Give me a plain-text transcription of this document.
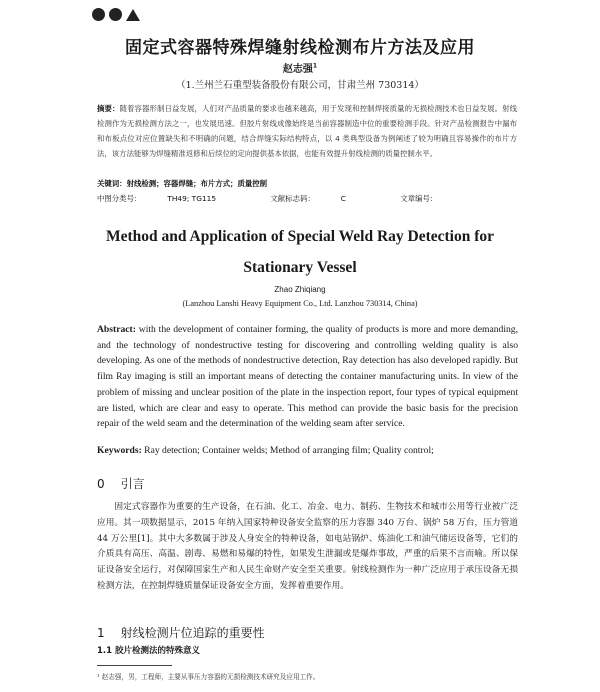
固定式容器特殊焊缝射线检测布片方法及应用
赵志强$^1$
（1.兰州兰石重型装备股份有限公司，甘肃兰州 730314）
摘要：随着容器形制日益发展，人们对产品质量的要求也越来越高，用于发现和控制焊接质量的无损检测技术也日益发展。射线检测作为无损检测方法之一，也发展迅速。但胶片射线成像始终是当前容器制造中位的重要检测手段。针对产品检测报告中漏布和布板点位对应位置缺失和不明确的问题，结合焊缝实际结构特点，以 4 类典型设备为例阐述了较为明确且容易操作的布片方法，该方法能够为焊缝精准返修和后续位的定向提供基本依据，也能有效提升射线检测的质量控制水平。
关键词：射线检测；容器焊缝；布片方式；质量控制
中图分类号：	TH49; TG115	文献标志码：	C	文章编号：
Method and Application of Special Weld Ray Detection for
Stationary Vessel
Zhao Zhiqiang
(Lanzhou Lanshi Heavy Equipment Co., Ltd. Lanzhou 730314, China)
Abstract: with the development of container forming, the quality of products is more and more demanding, and the technology of nondestructive testing for discovering and controlling welding quality is also developing. As one of the methods of nondestructive detection, Ray detection has also developed rapidly. But film Ray imaging is still an important means of detecting the container manufacturing units. In view of the problem of missing and unclear position of the plate in the inspection report, four types of typical equipment are listed, which are clear and easy to operate. This method can provide the basic basis for the precision repair of the weld seam and the determination of the welding seam after service.
Keywords: Ray detection; Container welds; Method of arranging film; Quality control;
0 引言
固定式容器作为重要的生产设备，在石油、化工、冶金、电力、制药、生物技术和城市公用等行业被广泛应用。其一项数据显示，2015 年纳入国家特种设备安全监察的压力容器 340 万台、锅炉 58 万台，压力管道 44 万公里[1]。其中大多数属于涉及人身安全的特种设备，如电站锅炉、炼油化工和油气储运设备等，它们的介质具有高压、高温、剧毒、易燃和易爆的特性，如果发生泄漏或是爆炸事故，严重的后果不言而喻。所以保证设备安全运行，对保障国家生产和人民生命财产安全至关重要。射线检测作为一种广泛应用于承压设备无损检测方法，在控制焊缝质量保证设备安全方面，发挥着重要作用。
1 射线检测片位追踪的重要性
1.1 胶片检测法的特殊意义
¹ 赵志强，男，工程师，主要从事压力容器的无损检测技术研究及应用工作。
